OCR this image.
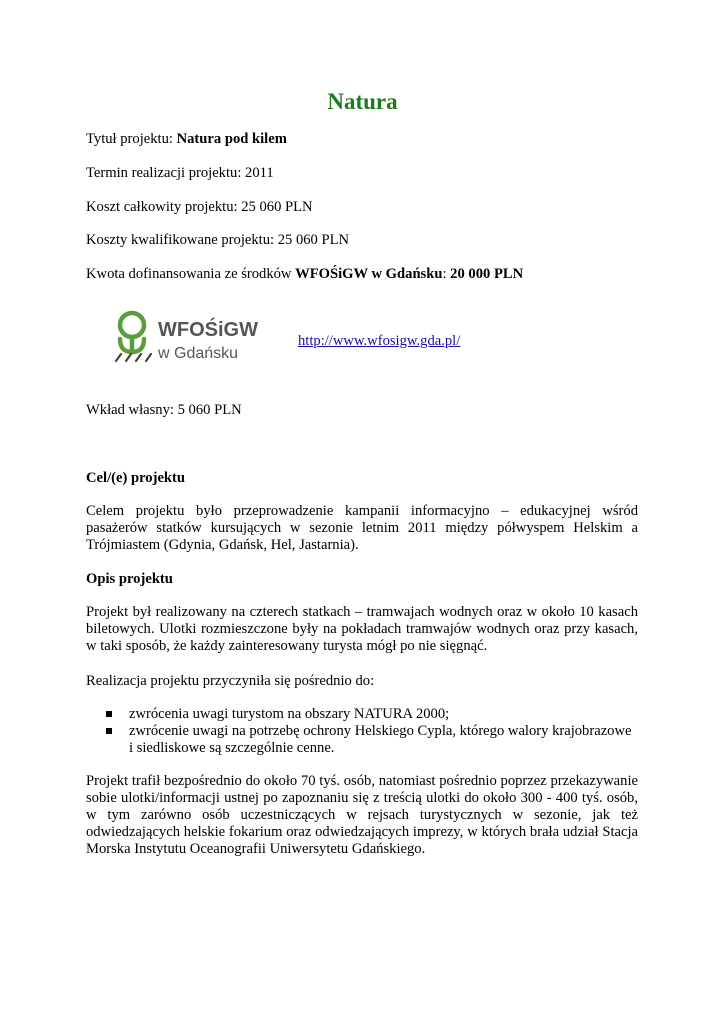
Natura
Tytuł projektu: Natura pod kilem
Termin realizacji projektu: 2011
Koszt całkowity projektu: 25 060 PLN
Koszty kwalifikowane projektu: 25 060 PLN
Kwota dofinansowania ze środków WFOŚiGW w Gdańsku: 20 000 PLN
WFOŚiGW
w Gdańsku
http://www.wfosigw.gda.pl/
Wkład własny: 5 060 PLN
Cel/(e) projektu
Celem projektu było przeprowadzenie kampanii informacyjno – edukacyjnej wśród pasażerów statków kursujących w sezonie letnim 2011 między półwyspem Helskim a Trójmiastem (Gdynia, Gdańsk, Hel, Jastarnia).
Opis projektu
Projekt był realizowany na czterech statkach – tramwajach wodnych oraz w około 10 kasach biletowych. Ulotki rozmieszczone były na pokładach tramwajów wodnych oraz przy kasach, w taki sposób, że każdy zainteresowany turysta mógł po nie sięgnąć.
Realizacja projektu przyczyniła się pośrednio do:
zwrócenia uwagi turystom na obszary NATURA 2000;
zwrócenie uwagi na potrzebę ochrony Helskiego Cypla, którego walory krajobrazowe i siedliskowe są szczególnie cenne.
Projekt trafił bezpośrednio do około 70 tyś. osób, natomiast pośrednio poprzez przekazywanie sobie ulotki/informacji ustnej po zapoznaniu się z treścią ulotki do około 300 - 400 tyś. osób, w tym zarówno osób uczestniczących w rejsach turystycznych w sezonie, jak też odwiedzających helskie fokarium oraz odwiedzających imprezy, w których brała udział Stacja Morska Instytutu Oceanografii Uniwersytetu Gdańskiego.
